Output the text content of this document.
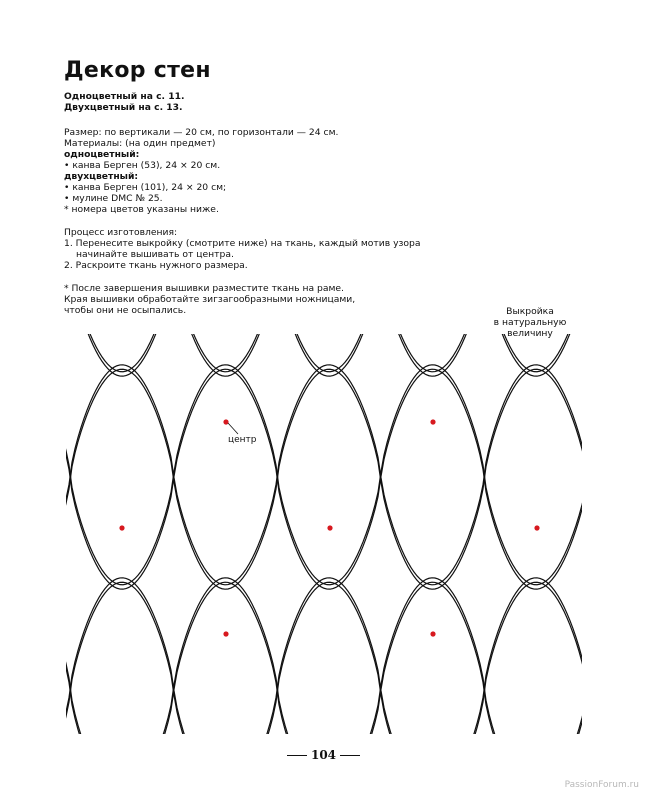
Декор стен
Одноцветный на с. 11.
Двухцветный на с. 13.
Размер: по вертикали — 20 см, по горизонтали — 24 см.
Материалы: (на один предмет)
одноцветный:
• канва Берген (53), 24 × 20 см.
двухцветный:
• канва Берген (101), 24 × 20 см;
• мулине DMC № 25.
* номера цветов указаны ниже.
Процесс изготовления:
1. Перенесите выкройку (смотрите ниже) на ткань, каждый мотив узора
начинайте вышивать от центра.
2. Раскроите ткань нужного размера.
* После завершения вышивки разместите ткань на раме.
Края вышивки обработайте зигзагообразными ножницами,
чтобы они не осыпались.	Выкройка
в натуральную величину
центр
104
PassionForum.ru
